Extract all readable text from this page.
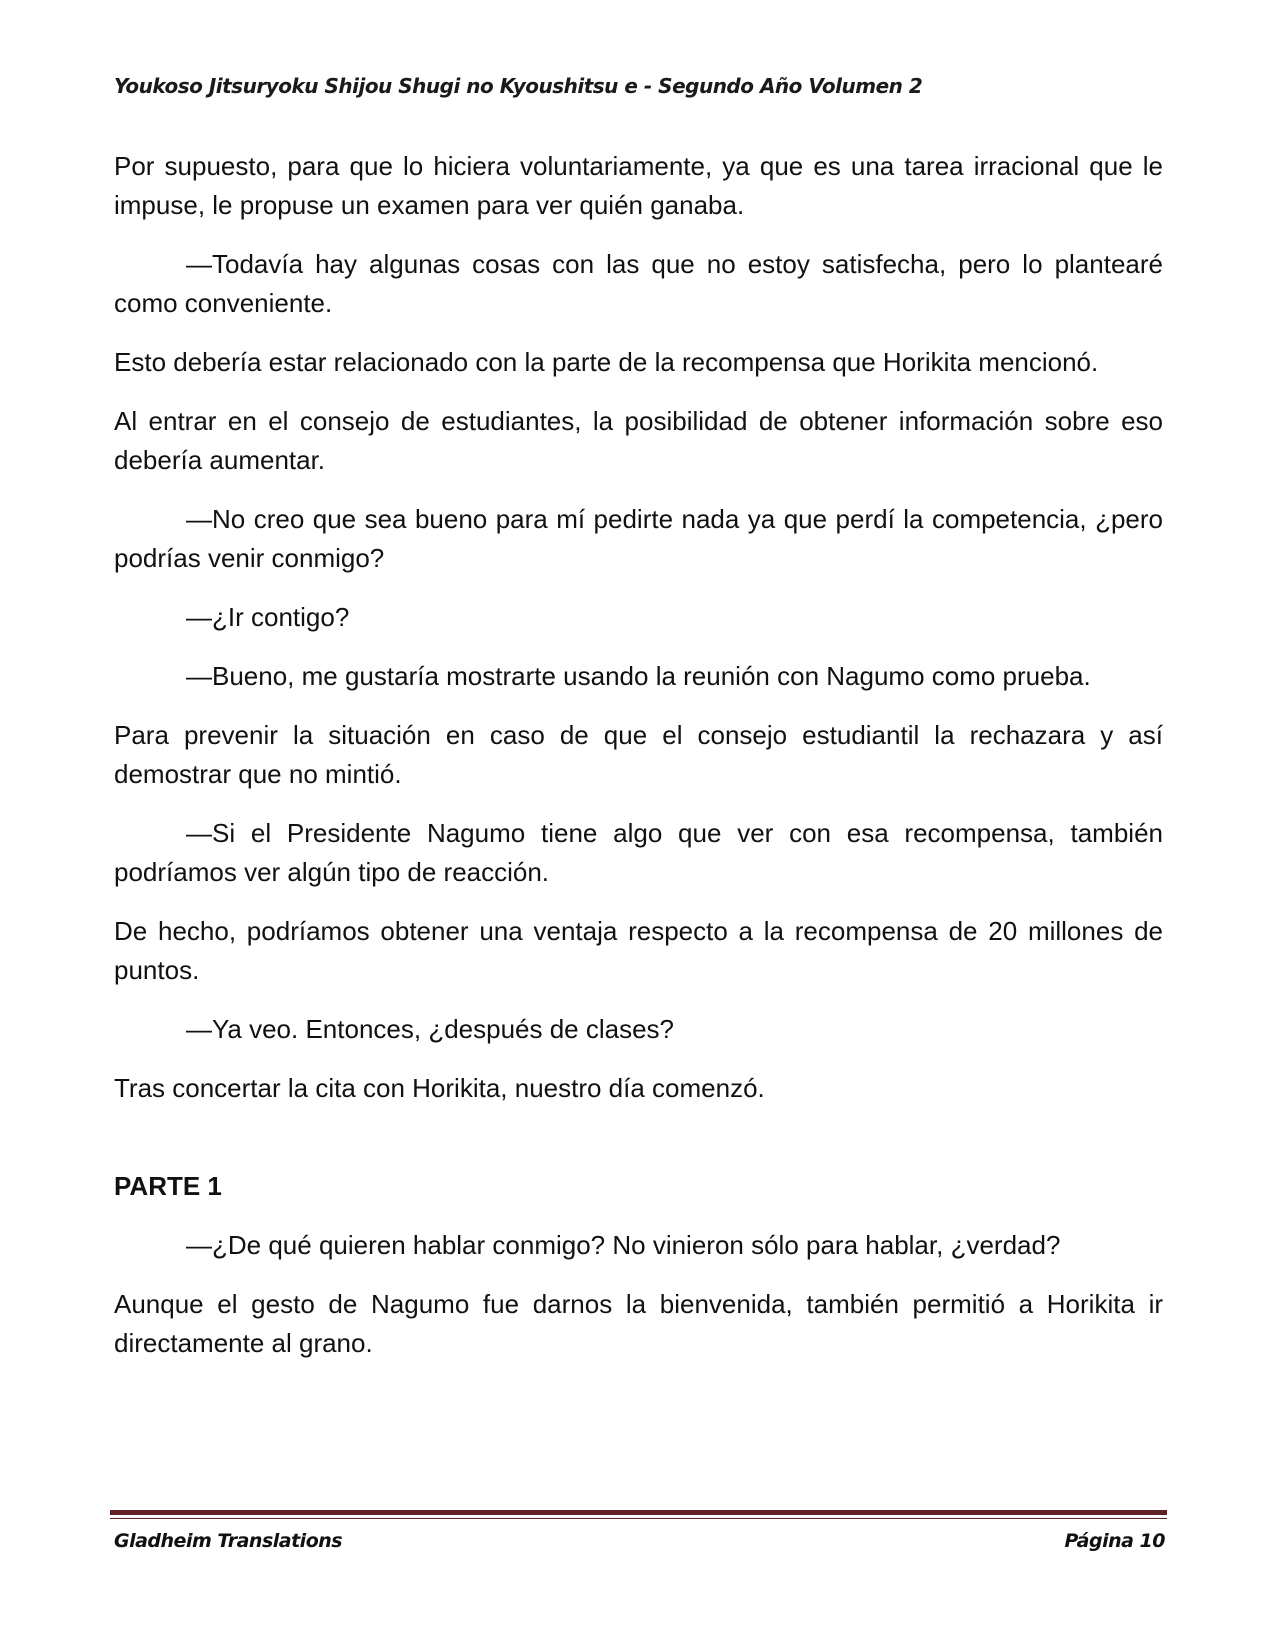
Youkoso Jitsuryoku Shijou Shugi no Kyoushitsu e - Segundo Año Volumen 2

Por supuesto, para que lo hiciera voluntariamente, ya que es una tarea irracional que le impuse, le propuse un examen para ver quién ganaba.

—Todavía hay algunas cosas con las que no estoy satisfecha, pero lo plantearé como conveniente.

Esto debería estar relacionado con la parte de la recompensa que Horikita mencionó.

Al entrar en el consejo de estudiantes, la posibilidad de obtener información sobre eso debería aumentar.

—No creo que sea bueno para mí pedirte nada ya que perdí la competencia, ¿pero podrías venir conmigo?

—¿Ir contigo?

—Bueno, me gustaría mostrarte usando la reunión con Nagumo como prueba.

Para prevenir la situación en caso de que el consejo estudiantil la rechazara y así demostrar que no mintió.

—Si el Presidente Nagumo tiene algo que ver con esa recompensa, también podríamos ver algún tipo de reacción.

De hecho, podríamos obtener una ventaja respecto a la recompensa de 20 millones de puntos.

—Ya veo. Entonces, ¿después de clases?

Tras concertar la cita con Horikita, nuestro día comenzó.

PARTE 1

—¿De qué quieren hablar conmigo? No vinieron sólo para hablar, ¿verdad?

Aunque el gesto de Nagumo fue darnos la bienvenida, también permitió a Horikita ir directamente al grano.

Gladheim Translations	Página 10
